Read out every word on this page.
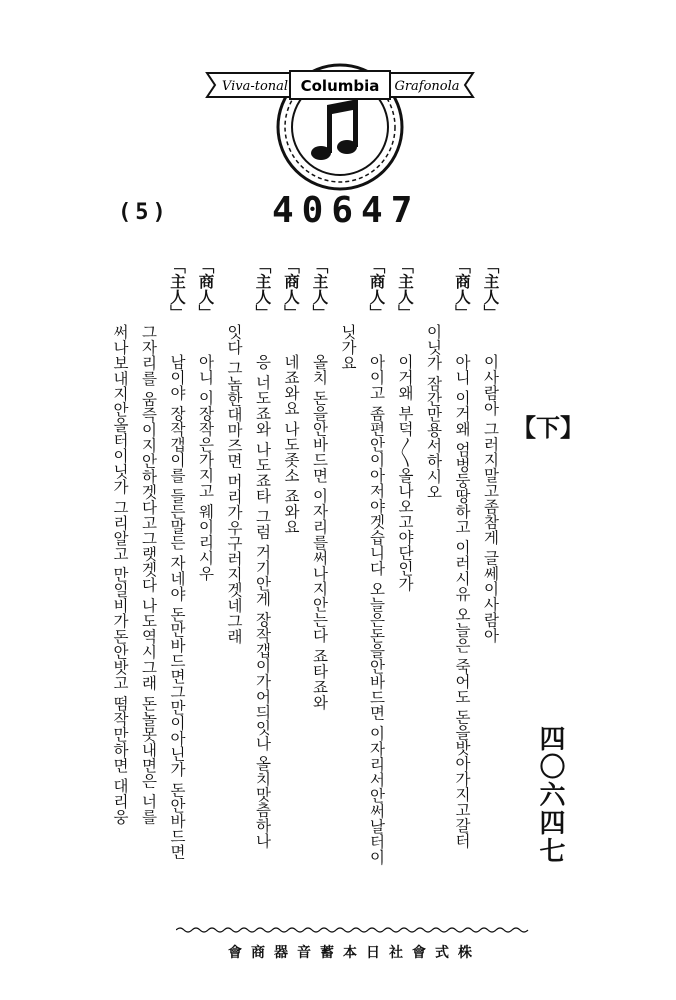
Viva-tonal Columbia Grafonola
(5)	40647
【下】
四〇六四七
「主人」이사람아 그러지말고좀참게 글쎄이사람아
「商人」아니 이거왜 엄벙둥땅하고 이러시유 오늘은 죽어도 돈을밧아가지고갈터
이닛가 잠간만용서하시오
「主人」이거왜 부덕〳〵올나오고야단인가
「商人」아이고 좀편안이아저야겟습니다 오늘은돈을안바드면 이자리서안써날터이
닛가요
「主人」올치 돈을안바드면 이자리를써나지안는다 죠타죠와
「商人」네죠와요 나도좃소 죠와요
「主人」응 너도죠와 나도죠타 그럼 거기안게 장작갭이가어듸잇나 올치맛츰하나
잇다 그놈한대마즈면 머리가우구러지겟네그래
「商人」아니 이장작은가지고 웨이리시우
「主人」남이야 장작갭이를 들든말든 자네야 돈만바드면그만이아닌가 돈안바드면
그자리를 움즉이지안하겟다고그랫겟다 나도역시그래 돈놀못내면은 너를
써나보내지안올터이닛가 그리알고 만일비가돈안밧고 떰작만하면 대리웅
會商器音蓄本日社會式株
